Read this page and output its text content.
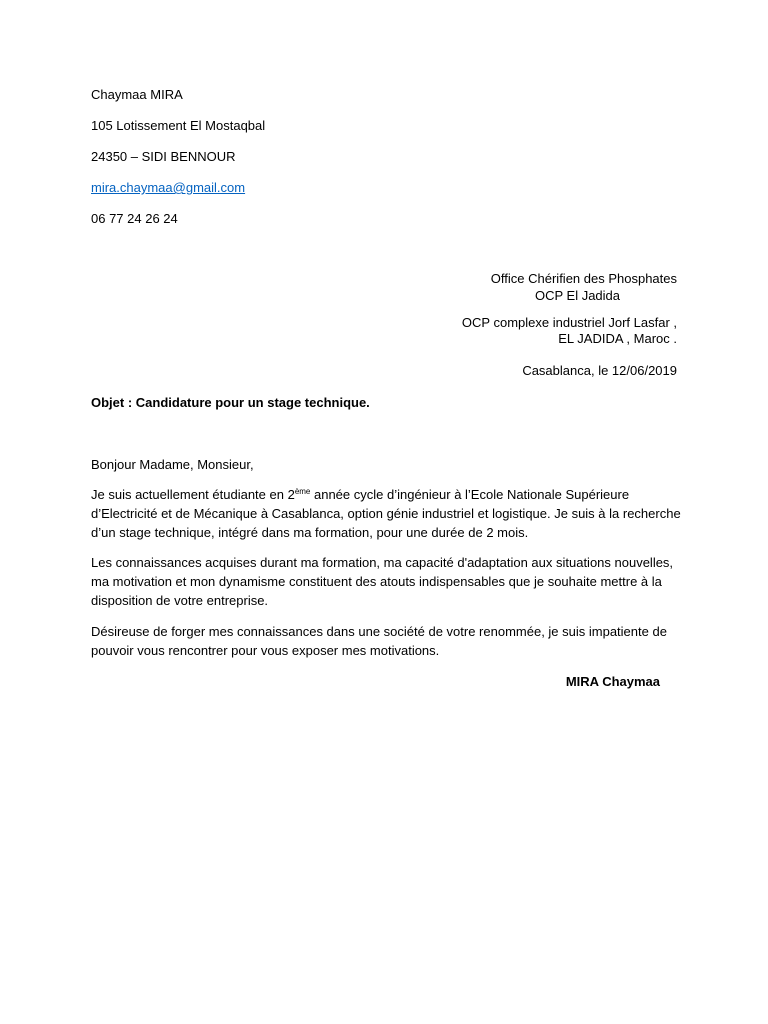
Chaymaa MIRA
105 Lotissement El Mostaqbal
24350 – SIDI BENNOUR
mira.chaymaa@gmail.com
06 77 24 26 24
Office Chérifien des Phosphates
OCP El Jadida
OCP complexe industriel Jorf Lasfar ,
EL JADIDA , Maroc .
Casablanca, le 12/06/2019
Objet : Candidature pour un stage technique.
Bonjour Madame, Monsieur,

Je suis actuellement étudiante en 2ème année cycle d’ingénieur à l’Ecole Nationale Supérieure d’Electricité et de Mécanique à Casablanca, option génie industriel et logistique. Je suis à la recherche d’un stage technique, intégré dans ma formation, pour une durée de 2 mois.

Les connaissances acquises durant ma formation, ma capacité d'adaptation aux situations nouvelles, ma motivation et mon dynamisme constituent des atouts indispensables que je souhaite mettre à la disposition de votre entreprise.

Désireuse de forger mes connaissances dans une société de votre renommée, je suis impatiente de pouvoir vous rencontrer pour vous exposer mes motivations.

MIRA Chaymaa
